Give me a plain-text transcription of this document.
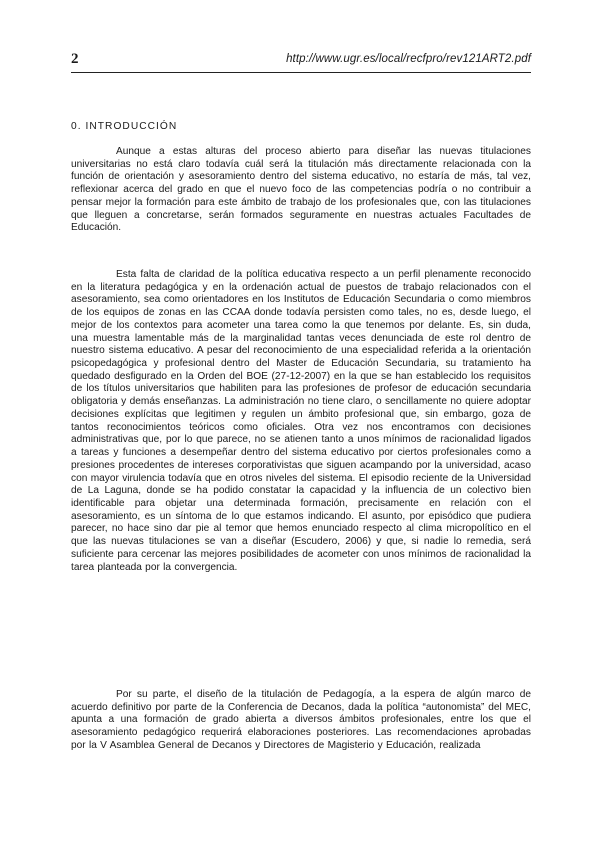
2	http://www.ugr.es/local/recfpro/rev121ART2.pdf
0. INTRODUCCIÓN

Aunque a estas alturas del proceso abierto para diseñar las nuevas titulaciones universitarias no está claro todavía cuál será la titulación más directamente relacionada con la función de orientación y asesoramiento dentro del sistema educativo, no estaría de más, tal vez, reflexionar acerca del grado en que el nuevo foco de las competencias podría o no contribuir a pensar mejor la formación para este ámbito de trabajo de los profesionales que, con las titulaciones que lleguen a concretarse, serán formados seguramente en nuestras actuales Facultades de Educación.

Esta falta de claridad de la política educativa respecto a un perfil plenamente reconocido en la literatura pedagógica y en la ordenación actual de puestos de trabajo relacionados con el asesoramiento, sea como orientadores en los Institutos de Educación Secundaria o como miembros de los equipos de zonas en las CCAA donde todavía persisten como tales, no es, desde luego, el mejor de los contextos para acometer una tarea como la que tenemos por delante. Es, sin duda, una muestra lamentable más de la marginalidad tantas veces denunciada de este rol dentro de nuestro sistema educativo. A pesar del reconocimiento de una especialidad referida a la orientación psicopedagógica y profesional dentro del Master de Educación Secundaria, su tratamiento ha quedado desfigurado en la Orden del BOE (27-12-2007) en la que se han establecido los requisitos de los títulos universitarios que habiliten para las profesiones de profesor de educación secundaria obligatoria y demás enseñanzas. La administración no tiene claro, o sencillamente no quiere adoptar decisiones explícitas que legitimen y regulen un ámbito profesional que, sin embargo, goza de tantos reconocimientos teóricos como oficiales. Otra vez nos encontramos con decisiones administrativas que, por lo que parece, no se atienen tanto a unos mínimos de racionalidad ligados a tareas y funciones a desempeñar dentro del sistema educativo por ciertos profesionales como a presiones procedentes de intereses corporativistas que siguen acampando por la universidad, acaso con mayor virulencia todavía que en otros niveles del sistema. El episodio reciente de la Universidad de La Laguna, donde se ha podido constatar la capacidad y la influencia de un colectivo bien identificable para objetar una determinada formación, precisamente en relación con el asesoramiento, es un síntoma de lo que estamos indicando. El asunto, por episódico que pudiera parecer, no hace sino dar pie al temor que hemos enunciado respecto al clima micropolítico en el que las nuevas titulaciones se van a diseñar (Escudero, 2006) y que, si nadie lo remedia, será suficiente para cercenar las mejores posibilidades de acometer con unos mínimos de racionalidad la tarea planteada por la convergencia.

Por su parte, el diseño de la titulación de Pedagogía, a la espera de algún marco de acuerdo definitivo por parte de la Conferencia de Decanos, dada la política “autonomista” del MEC, apunta a una formación de grado abierta a diversos ámbitos profesionales, entre los que el asesoramiento pedagógico requerirá elaboraciones posteriores. Las recomendaciones aprobadas por la V Asamblea General de Decanos y Directores de Magisterio y Educación, realizada
